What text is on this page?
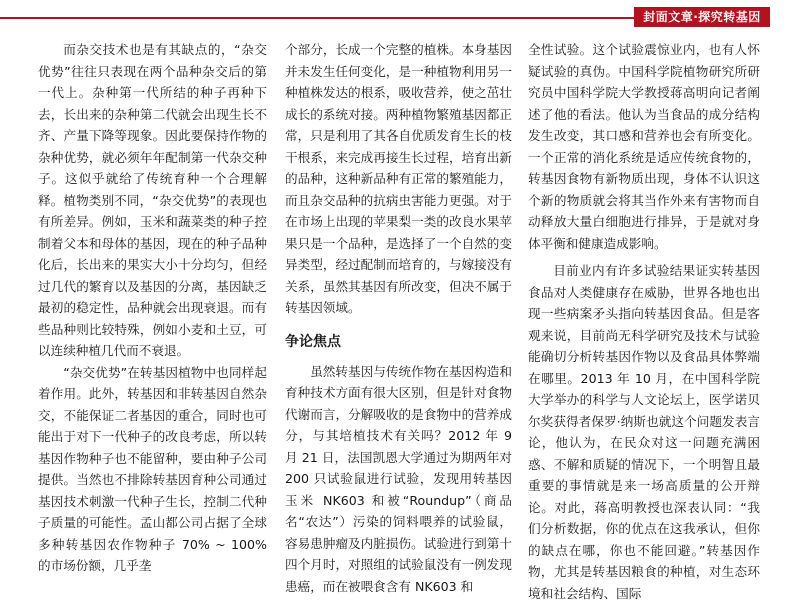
封面文章·探究转基因

而杂交技术也是有其缺点的，“杂交优势”往往只表现在两个品种杂交后的第一代上。杂种第一代所结的种子再种下去，长出来的杂种第二代就会出现生长不齐、产量下降等现象。因此要保持作物的杂种优势，就必须年年配制第一代杂交种子。这似乎就给了传统育种一个合理解释。植物类别不同，“杂交优势”的表现也有所差异。例如，玉米和蔬菜类的种子控制着父本和母体的基因，现在的种子品种化后，长出来的果实大小十分均匀，但经过几代的繁育以及基因的分离，基因缺乏最初的稳定性，品种就会出现衰退。而有些品种则比较特殊，例如小麦和土豆，可以连续种植几代而不衰退。

“杂交优势”在转基因植物中也同样起着作用。此外，转基因和非转基因自然杂交，不能保证二者基因的重合，同时也可能出于对下一代种子的改良考虑，所以转基因作物种子也不能留种，要由种子公司提供。当然也不排除转基因育种公司通过基因技术刺激一代种子生长，控制二代种子质量的可能性。孟山都公司占据了全球多种转基因农作物种子 70% ~ 100% 的市场份额，几乎垄

个部分，长成一个完整的植株。本身基因并未发生任何变化，是一种植物利用另一种植株发达的根系，吸收营养，使之茁壮成长的系统对接。两种植物繁殖基因都正常，只是利用了其各自优质发育生长的枝干根系，来完成再接生长过程，培育出新的品种，这种新品种有正常的繁殖能力，而且杂交品种的抗病虫害能力更强。对于在市场上出现的苹果梨一类的改良水果苹果只是一个品种，是选择了一个自然的变异类型，经过配制而培育的，与嫁接没有关系，虽然其基因有所改变，但决不属于转基因领域。

争论焦点

虽然转基因与传统作物在基因构造和育种技术方面有很大区别，但是针对食物代谢而言，分解吸收的是食物中的营养成分，与其培植技术有关吗？2012 年 9 月 21 日，法国凯恩大学通过为期两年对 200 只试验鼠进行试验，发现用转基因玉米 NK603 和被“Roundup”（商品名“农达”）污染的饲料喂养的试验鼠，容易患肿瘤及内脏损伤。试验进行到第十四个月时，对照组的试验鼠没有一例发现患癌，而在被喂食含有 NK603 和

全性试验。这个试验震惊业内，也有人怀疑试验的真伪。中国科学院植物研究所研究员中国科学院大学教授蒋高明向记者阐述了他的看法。他认为当食品的成分结构发生改变，其口感和营养也会有所变化。一个正常的消化系统是适应传统食物的，转基因食物有新物质出现，身体不认识这个新的物质就会将其当作外来有害物而自动释放大量白细胞进行排异，于是就对身体平衡和健康造成影响。

目前业内有许多试验结果证实转基因食品对人类健康存在威胁，世界各地也出现一些病案矛头指向转基因食品。但是客观来说，目前尚无科学研究及技术与试验能确切分析转基因作物以及食品具体弊端在哪里。2013 年 10 月，在中国科学院大学举办的科学与人文论坛上，医学诺贝尔奖获得者保罗·纳斯也就这个问题发表言论，他认为，在民众对这一问题充满困惑、不解和质疑的情况下，一个明智且最重要的事情就是来一场高质量的公开辩论。对此，蒋高明教授也深表认同：“我们分析数据，你的优点在这我承认，但你的缺点在哪，你也不能回避。”转基因作物，尤其是转基因粮食的种植，对生态环境和社会结构、国际
